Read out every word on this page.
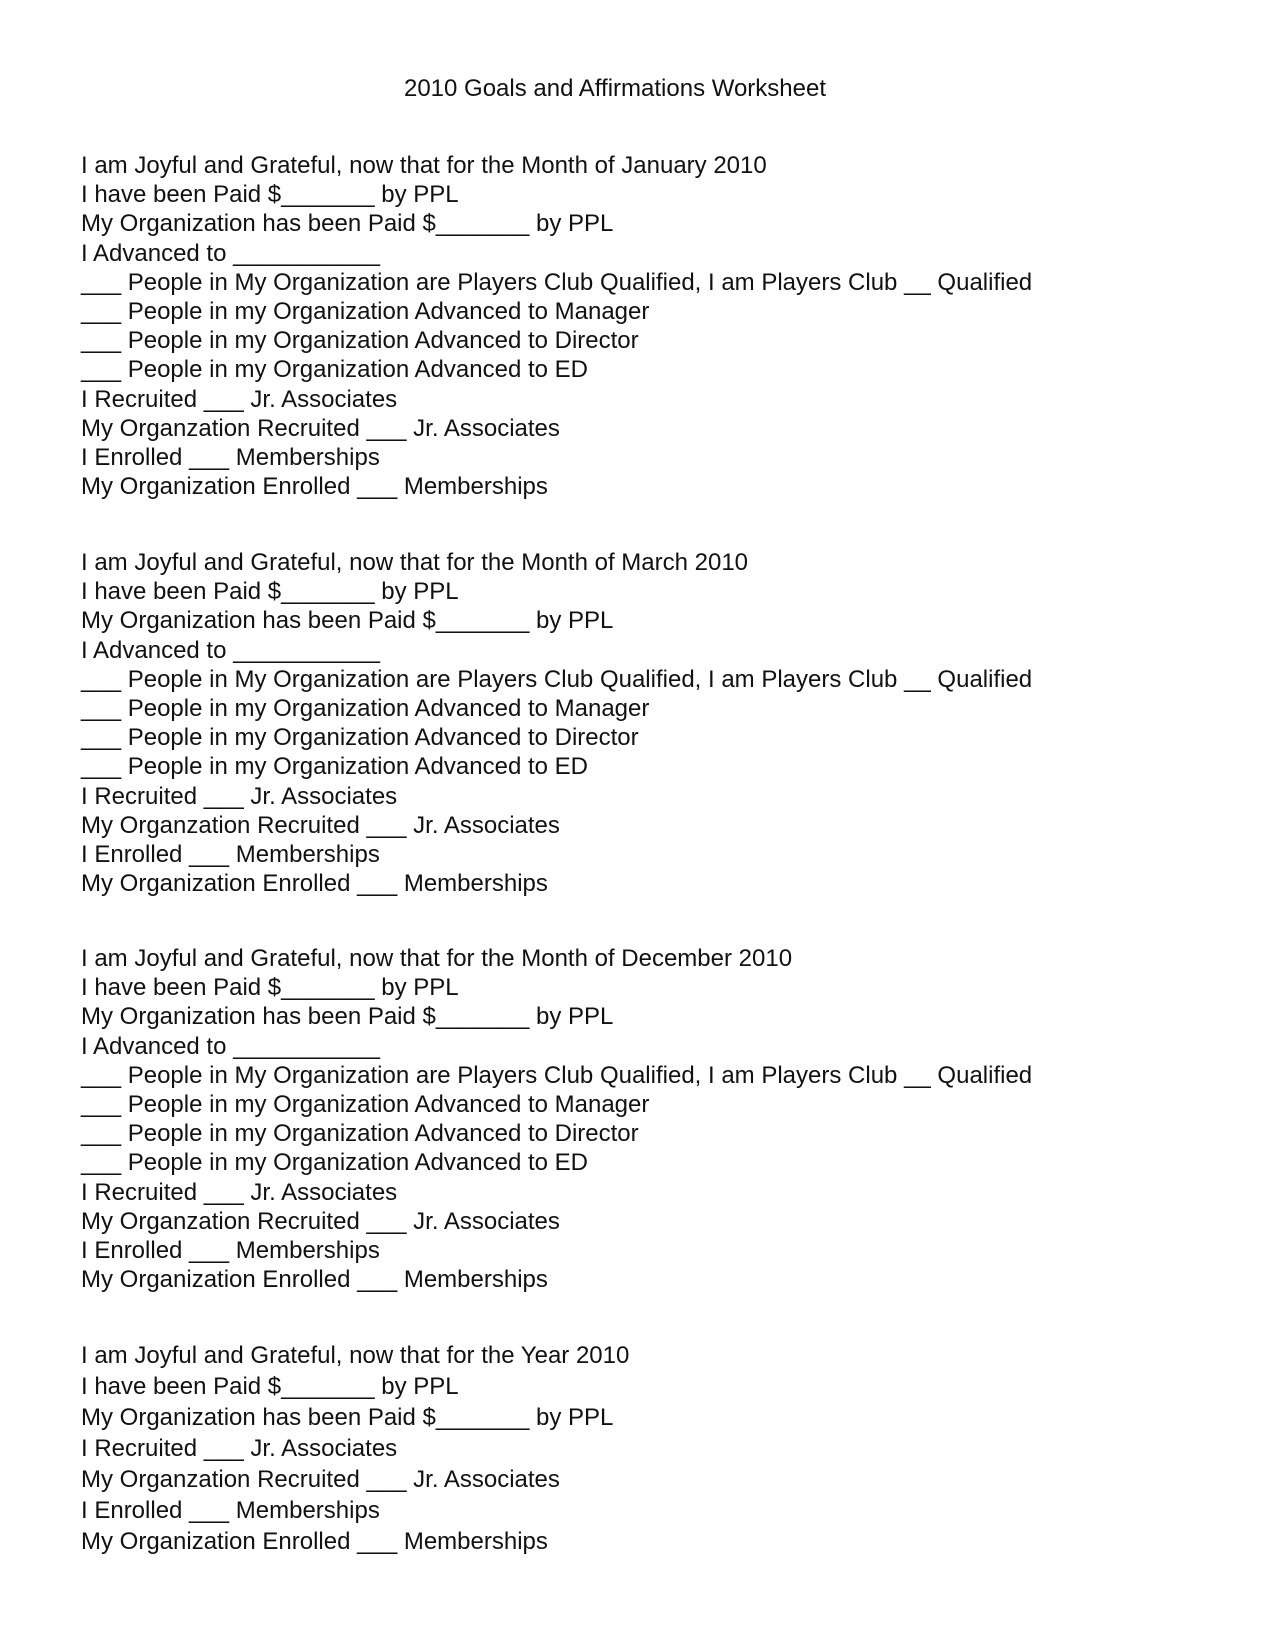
2010 Goals and Affirmations Worksheet
I am Joyful and Grateful, now that for the Month of January 2010
I have been Paid $_______ by PPL
My Organization has been Paid $_______ by PPL
I Advanced to ___________
___ People in My Organization are Players Club Qualified, I am Players Club __ Qualified
___ People in my Organization Advanced to Manager
___ People in my Organization Advanced to Director
___ People in my Organization Advanced to ED
I Recruited ___ Jr. Associates
My Organzation Recruited ___ Jr. Associates
I Enrolled ___ Memberships
My Organization Enrolled ___ Memberships
I am Joyful and Grateful, now that for the Month of March 2010
I have been Paid $_______ by PPL
My Organization has been Paid $_______ by PPL
I Advanced to ___________
___ People in My Organization are Players Club Qualified, I am Players Club __ Qualified
___ People in my Organization Advanced to Manager
___ People in my Organization Advanced to Director
___ People in my Organization Advanced to ED
I Recruited ___ Jr. Associates
My Organzation Recruited ___ Jr. Associates
I Enrolled ___ Memberships
My Organization Enrolled ___ Memberships
I am Joyful and Grateful, now that for the Month of December 2010
I have been Paid $_______ by PPL
My Organization has been Paid $_______ by PPL
I Advanced to ___________
___ People in My Organization are Players Club Qualified, I am Players Club __ Qualified
___ People in my Organization Advanced to Manager
___ People in my Organization Advanced to Director
___ People in my Organization Advanced to ED
I Recruited ___ Jr. Associates
My Organzation Recruited ___ Jr. Associates
I Enrolled ___ Memberships
My Organization Enrolled ___ Memberships
I am Joyful and Grateful, now that for the Year 2010
I have been Paid $_______ by PPL
My Organization has been Paid $_______ by PPL
I Recruited ___ Jr. Associates
My Organzation Recruited ___ Jr. Associates
I Enrolled ___ Memberships
My Organization Enrolled ___ Memberships
